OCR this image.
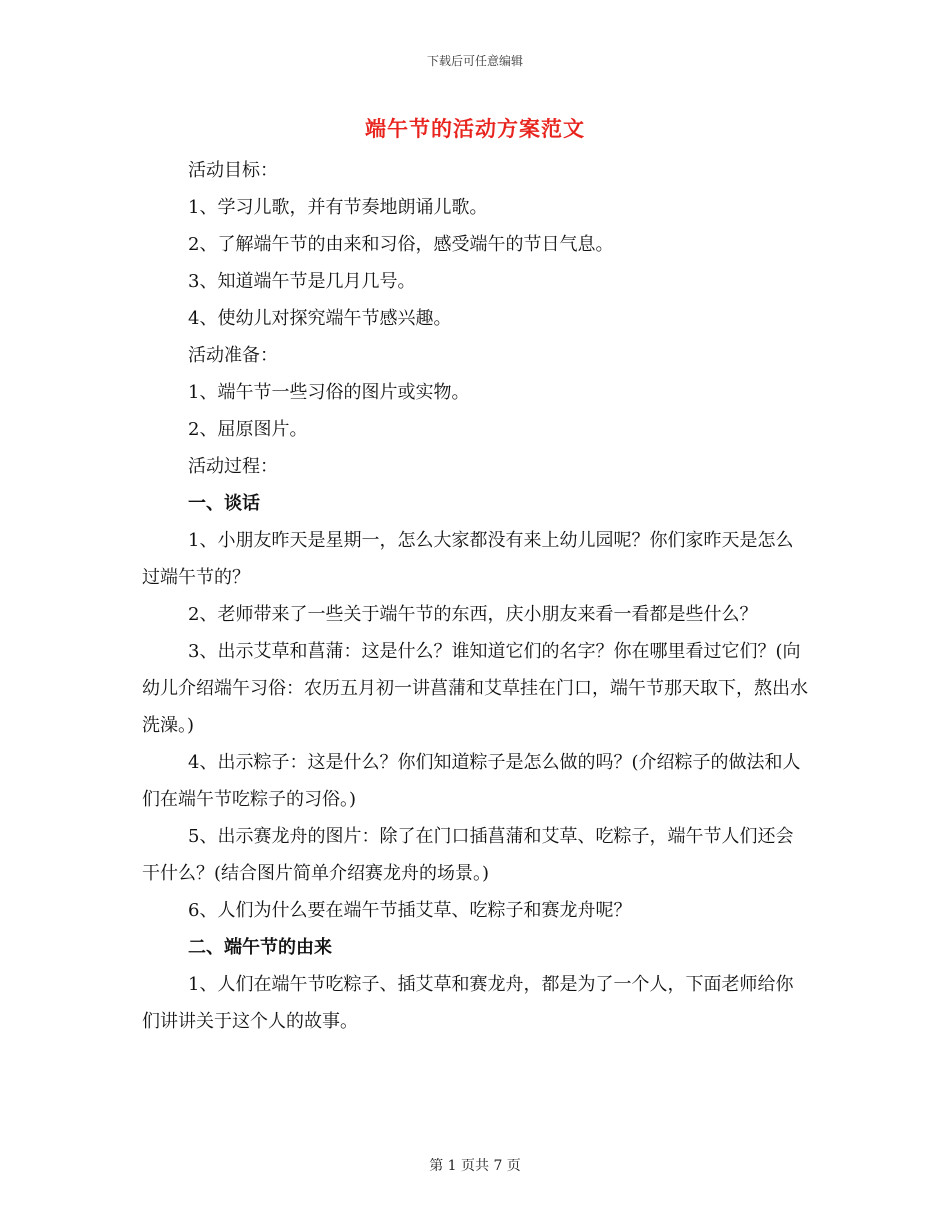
下载后可任意编辑
端午节的活动方案范文

活动目标：

1、学习儿歌，并有节奏地朗诵儿歌。

2、了解端午节的由来和习俗，感受端午的节日气息。

3、知道端午节是几月几号。

4、使幼儿对探究端午节感兴趣。

活动准备：

1、端午节一些习俗的图片或实物。

2、屈原图片。

活动过程：

一、谈话

1、小朋友昨天是星期一，怎么大家都没有来上幼儿园呢？你们家昨天是怎么过端午节的？

2、老师带来了一些关于端午节的东西，庆小朋友来看一看都是些什么？

3、出示艾草和菖蒲：这是什么？谁知道它们的名字？你在哪里看过它们？(向幼儿介绍端午习俗：农历五月初一讲菖蒲和艾草挂在门口，端午节那天取下，熬出水洗澡。)

4、出示粽子：这是什么？你们知道粽子是怎么做的吗？(介绍粽子的做法和人们在端午节吃粽子的习俗。)

5、出示赛龙舟的图片：除了在门口插菖蒲和艾草、吃粽子，端午节人们还会干什么？(结合图片简单介绍赛龙舟的场景。)

6、人们为什么要在端午节插艾草、吃粽子和赛龙舟呢？

二、端午节的由来

1、人们在端午节吃粽子、插艾草和赛龙舟，都是为了一个人，下面老师给你们讲讲关于这个人的故事。

第 1 页共 7 页
